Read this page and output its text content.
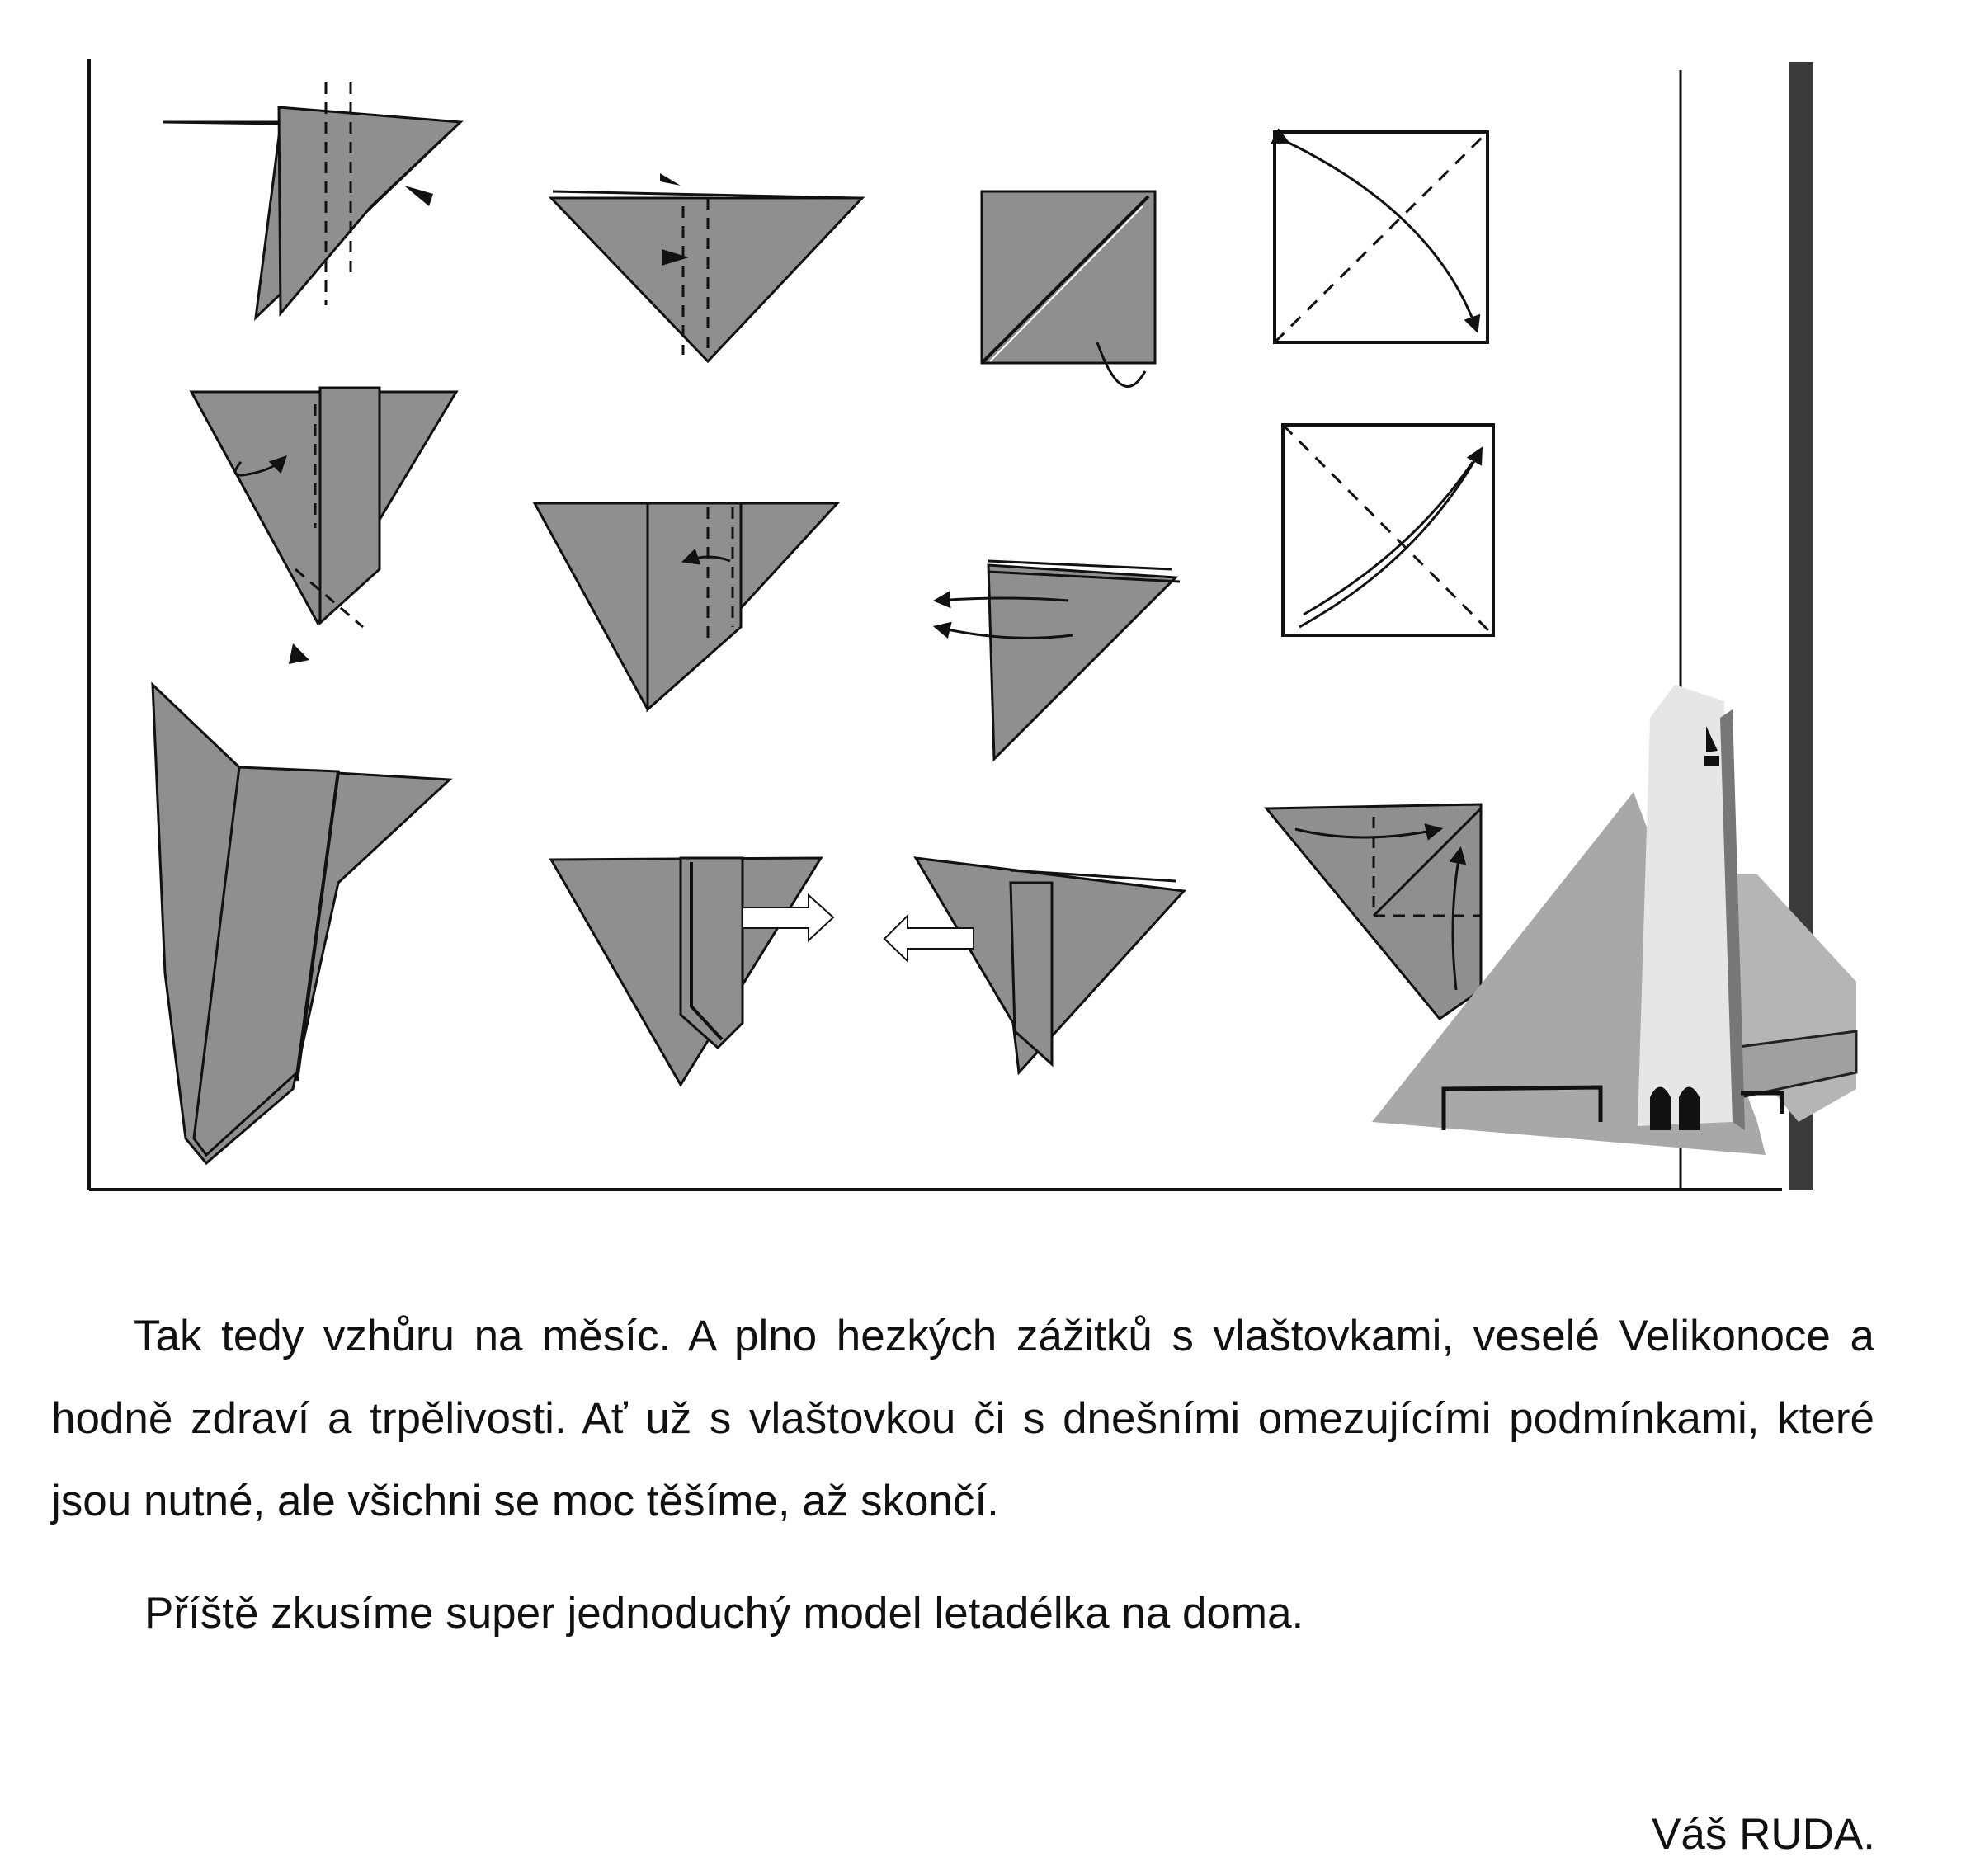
Tak tedy vzhůru na měsíc. A plno hezkých zážitků s vlaštovkami, veselé Velikonoce a hodně zdraví a trpělivosti. Ať už s vlaštovkou či s dnešními omezujícími podmínkami, které jsou nutné, ale všichni se moc těšíme, až skončí.

Příště zkusíme super jednoduchý model letadélka na doma.

Váš RUDA.
